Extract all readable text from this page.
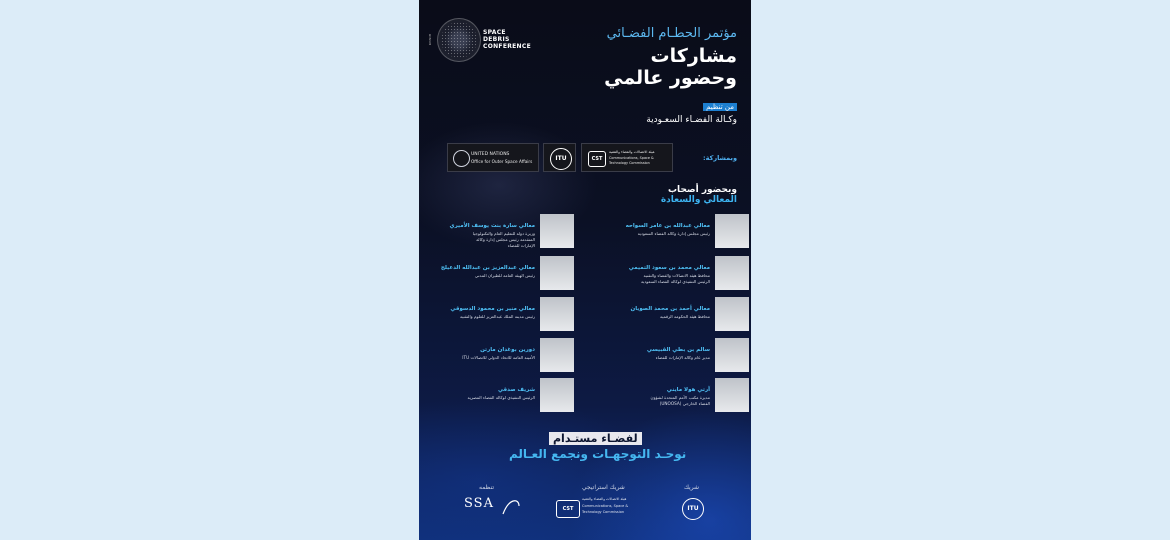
RIYADH
SPACE
DEBRIS
CONFERENCE
مؤتمر الحطـام الفضـائي
مشاركات
وحضور عالمي
من تنظيم
وكـالة الفضـاء السعـودية
وبمشاركة:
CST
هيئة الاتصالات والفضاء والتقنية
Communications, Space & Technology Commission
ITU
UNITED NATIONS
Office for Outer Space Affairs
وبحضور أصحاب
المعالي والسعادة
معالي عبدالله بن عامر السواحه
رئيس مجلس إدارة وكالة الفضاء السعودية
معالي محمد بن سعود التميمي
محافظ هيئة الاتصالات والفضاء والتقنية
الرئيس التنفيذي لوكالة الفضاء السعودية
معالي أحمد بن محمد الصويان
محافظ هيئة الحكومة الرقمية
سالم بن بطي القبيسي
مدير عام وكالة الإمارات للفضاء
آرتي هولا مايني
مديرة مكتب الأمم المتحدة لشؤون
الفضاء الخارجي (UNOOSA)
معالي سارة بنت يوسف الأميري
وزيرة دولة للتعليم العام والتكنولوجيا
المتقدمة رئيس مجلس إدارة وكالة
الإمارات للفضاء
معالي عبدالعزيز بن عبدالله الدعيلج
رئيس الهيئة العامة للطيران المدني
معالي منير بن محمود الدسوقي
رئيس مدينة الملك عبدالعزيز للعلوم والتقنية
دورين بوغدان مارتن
الأمينة العامة للاتحاد الدولي للاتصالات ITU
شريف صدقي
الرئيس التنفيذي لوكالة الفضاء المصرية
لفضـاء مستـدام
نوحـد التوجهـات ونجمع العـالم
شريك
ITU
شريك استراتيجي
CST
هيئة الاتصالات والفضاء والتقنية
Communications, Space &
Technology Commission
تنظمه
SSA
